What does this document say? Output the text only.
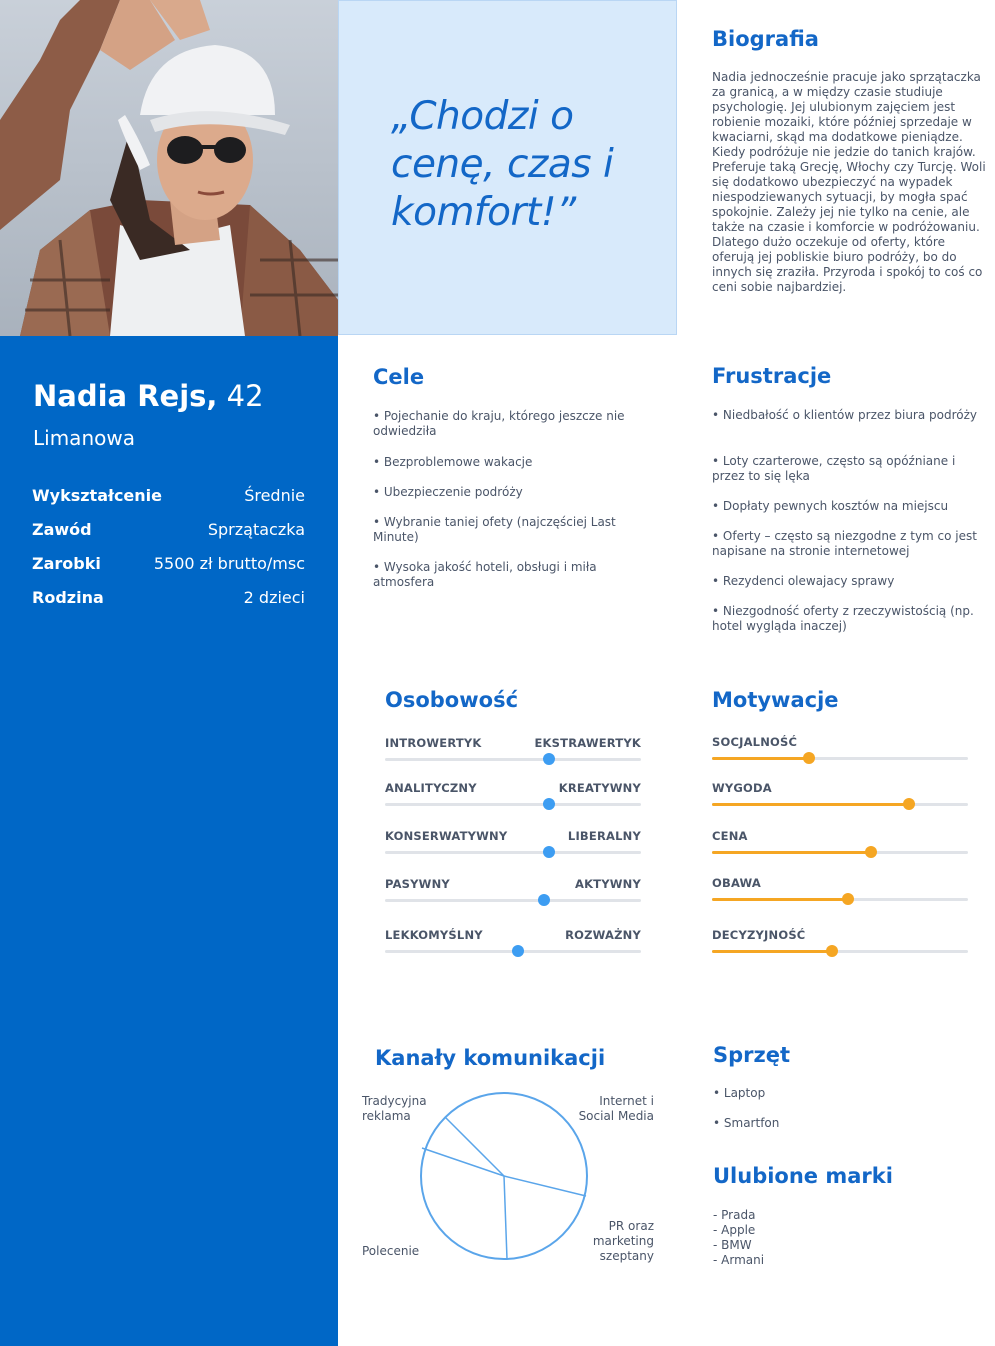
„Chodzi o cenę, czas i komfort!”
Nadia Rejs, 42
Limanowa
Wykształcenie	Średnie
Zawód	Sprzątaczka
Zarobki	5500 zł brutto/msc
Rodzina	2 dzieci
Biografia
Nadia jednocześnie pracuje jako sprzątaczka za granicą, a w między czasie studiuje psychologię. Jej ulubionym zajęciem jest robienie mozaiki, które później sprzedaje w kwaciarni, skąd ma dodatkowe pieniądze. Kiedy podróżuje nie jedzie do tanich krajów. Preferuje taką Grecję, Włochy czy Turcję. Woli się dodatkowo ubezpieczyć na wypadek niespodziewanych sytuacji, by mogła spać spokojnie. Zależy jej nie tylko na cenie, ale także na czasie i komforcie w podróżowaniu. Dlatego dużo oczekuje od oferty, które oferują jej pobliskie biuro podróży, bo do innych się zraziła. Przyroda i spokój to coś co ceni sobie najbardziej.
Cele
• Pojechanie do kraju, którego jeszcze nie odwiedziła
• Bezproblemowe wakacje
• Ubezpieczenie podróży
• Wybranie taniej ofety (najczęściej Last Minute)
• Wysoka jakość hoteli, obsługi i miła atmosfera
Frustracje
• Niedbałość o klientów przez biura podróży
• Loty czarterowe, często są opóźniane i przez to się lęka
• Dopłaty pewnych kosztów na miejscu
• Oferty – często są niezgodne z tym co jest napisane na stronie internetowej
• Rezydenci olewajacy sprawy
• Niezgodność oferty z rzeczywistością (np. hotel wygląda inaczej)
Osobowość
INTROWERTYK	EKSTRAWERTYK
ANALITYCZNY	KREATYWNY
KONSERWATYWNY	LIBERALNY
PASYWNY	AKTYWNY
LEKKOMYŚLNY	ROZWAŻNY
Motywacje
SOCJALNOŚĆ
WYGODA
CENA
OBAWA
DECYZYJNOŚĆ
Kanały komunikacji
Tradycyjna reklama
Internet i Social Media
PR oraz marketing szeptany
Polecenie
Sprzęt
• Laptop
• Smartfon
Ulubione marki
- Prada
- Apple
- BMW
- Armani
